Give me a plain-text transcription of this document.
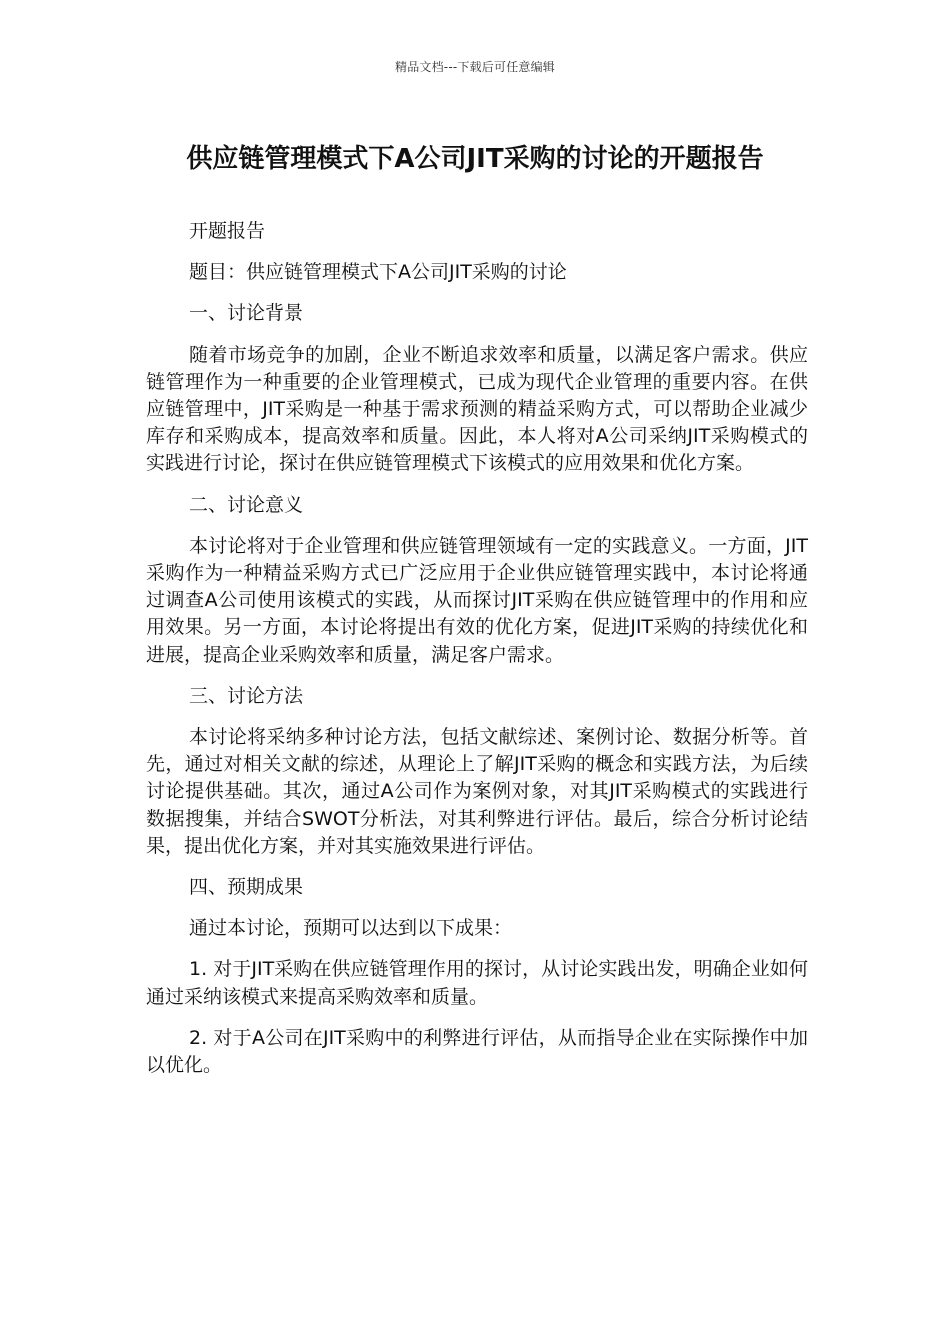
精品文档---下载后可任意编辑
供应链管理模式下A公司JIT采购的讨论的开题报告

开题报告

题目：供应链管理模式下A公司JIT采购的讨论

一、讨论背景

随着市场竞争的加剧，企业不断追求效率和质量，以满足客户需求。供应链管理作为一种重要的企业管理模式，已成为现代企业管理的重要内容。在供应链管理中，JIT采购是一种基于需求预测的精益采购方式，可以帮助企业减少库存和采购成本，提高效率和质量。因此，本人将对A公司采纳JIT采购模式的实践进行讨论，探讨在供应链管理模式下该模式的应用效果和优化方案。

二、讨论意义

本讨论将对于企业管理和供应链管理领域有一定的实践意义。一方面，JIT采购作为一种精益采购方式已广泛应用于企业供应链管理实践中，本讨论将通过调查A公司使用该模式的实践，从而探讨JIT采购在供应链管理中的作用和应用效果。另一方面，本讨论将提出有效的优化方案，促进JIT采购的持续优化和进展，提高企业采购效率和质量，满足客户需求。

三、讨论方法

本讨论将采纳多种讨论方法，包括文献综述、案例讨论、数据分析等。首先，通过对相关文献的综述，从理论上了解JIT采购的概念和实践方法，为后续讨论提供基础。其次，通过A公司作为案例对象，对其JIT采购模式的实践进行数据搜集，并结合SWOT分析法，对其利弊进行评估。最后，综合分析讨论结果，提出优化方案，并对其实施效果进行评估。

四、预期成果

通过本讨论，预期可以达到以下成果：

1. 对于JIT采购在供应链管理作用的探讨，从讨论实践出发，明确企业如何通过采纳该模式来提高采购效率和质量。

2. 对于A公司在JIT采购中的利弊进行评估，从而指导企业在实际操作中加以优化。
